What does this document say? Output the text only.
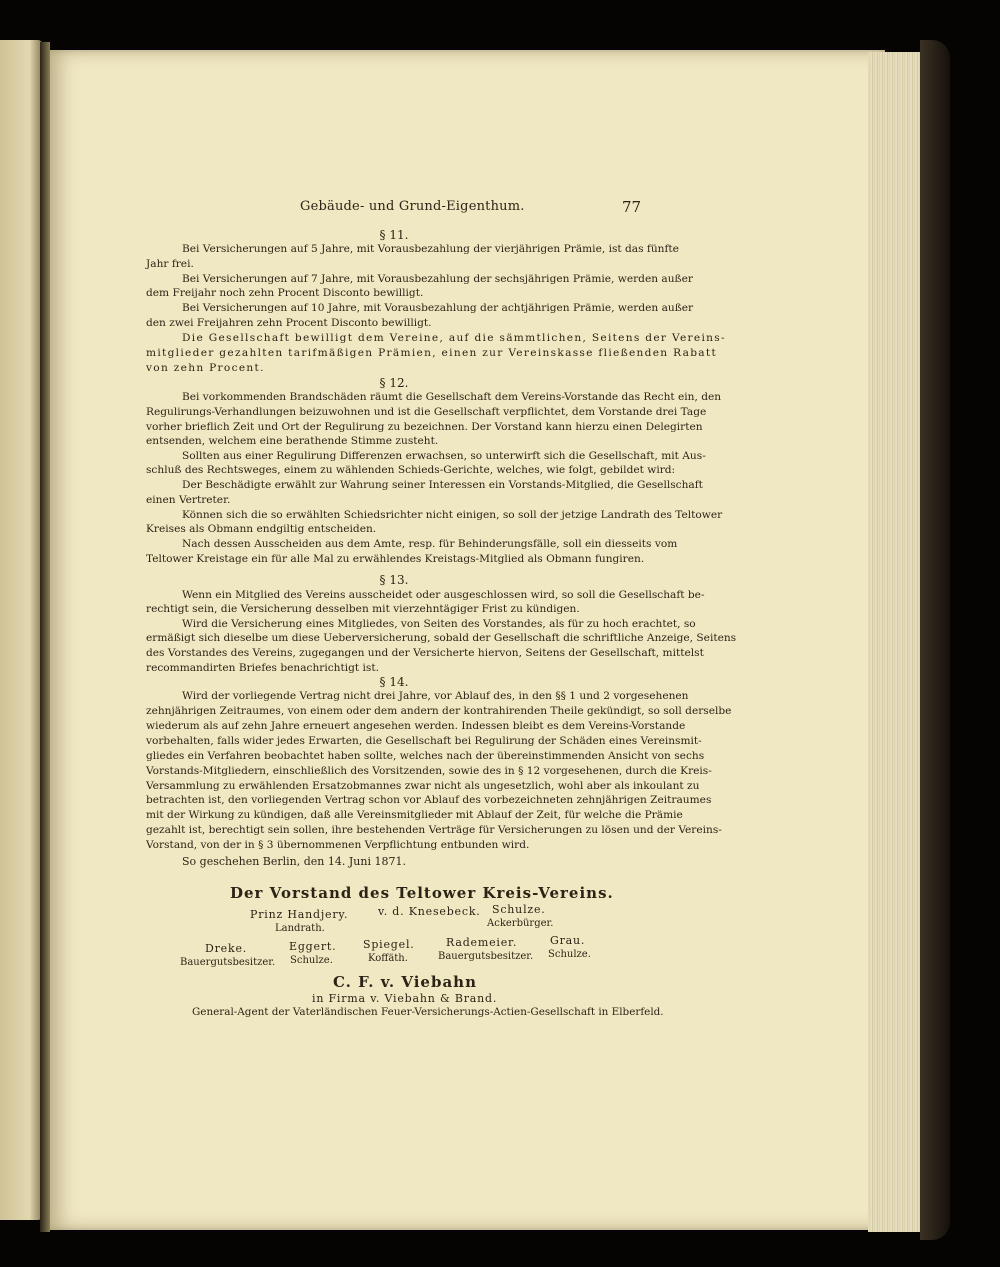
Gebäude- und Grund-Eigenthum.	77
§ 11.
Bei Versicherungen auf 5 Jahre, mit Vorausbezahlung der vierjährigen Prämie, ist das fünfte
Jahr frei.
Bei Versicherungen auf 7 Jahre, mit Vorausbezahlung der sechsjährigen Prämie, werden außer
dem Freijahr noch zehn Procent Disconto bewilligt.
Bei Versicherungen auf 10 Jahre, mit Vorausbezahlung der achtjährigen Prämie, werden außer
den zwei Freijahren zehn Procent Disconto bewilligt.
Die Gesellschaft bewilligt dem Vereine, auf die sämmtlichen, Seitens der Vereins-
mitglieder gezahlten tarifmäßigen Prämien, einen zur Vereinskasse fließenden Rabatt
von zehn Procent.
§ 12.
Bei vorkommenden Brandschäden räumt die Gesellschaft dem Vereins-Vorstande das Recht ein, den
Regulirungs-Verhandlungen beizuwohnen und ist die Gesellschaft verpflichtet, dem Vorstande drei Tage
vorher brieflich Zeit und Ort der Regulirung zu bezeichnen. Der Vorstand kann hierzu einen Delegirten
entsenden, welchem eine berathende Stimme zusteht.
Sollten aus einer Regulirung Differenzen erwachsen, so unterwirft sich die Gesellschaft, mit Aus-
schluß des Rechtsweges, einem zu wählenden Schieds-Gerichte, welches, wie folgt, gebildet wird:
Der Beschädigte erwählt zur Wahrung seiner Interessen ein Vorstands-Mitglied, die Gesellschaft
einen Vertreter.
Können sich die so erwählten Schiedsrichter nicht einigen, so soll der jetzige Landrath des Teltower
Kreises als Obmann endgiltig entscheiden.
Nach dessen Ausscheiden aus dem Amte, resp. für Behinderungsfälle, soll ein diesseits vom
Teltower Kreistage ein für alle Mal zu erwählendes Kreistags-Mitglied als Obmann fungiren.
§ 13.
Wenn ein Mitglied des Vereins ausscheidet oder ausgeschlossen wird, so soll die Gesellschaft be-
rechtigt sein, die Versicherung desselben mit vierzehntägiger Frist zu kündigen.
Wird die Versicherung eines Mitgliedes, von Seiten des Vorstandes, als für zu hoch erachtet, so
ermäßigt sich dieselbe um diese Ueberversicherung, sobald der Gesellschaft die schriftliche Anzeige, Seitens
des Vorstandes des Vereins, zugegangen und der Versicherte hiervon, Seitens der Gesellschaft, mittelst
recommandirten Briefes benachrichtigt ist.
§ 14.
Wird der vorliegende Vertrag nicht drei Jahre, vor Ablauf des, in den §§ 1 und 2 vorgesehenen
zehnjährigen Zeitraumes, von einem oder dem andern der kontrahirenden Theile gekündigt, so soll derselbe
wiederum als auf zehn Jahre erneuert angesehen werden. Indessen bleibt es dem Vereins-Vorstande
vorbehalten, falls wider jedes Erwarten, die Gesellschaft bei Regulirung der Schäden eines Vereinsmit-
gliedes ein Verfahren beobachtet haben sollte, welches nach der übereinstimmenden Ansicht von sechs
Vorstands-Mitgliedern, einschließlich des Vorsitzenden, sowie des in § 12 vorgesehenen, durch die Kreis-
Versammlung zu erwählenden Ersatzobmannes zwar nicht als ungesetzlich, wohl aber als inkoulant zu
betrachten ist, den vorliegenden Vertrag schon vor Ablauf des vorbezeichneten zehnjährigen Zeitraumes
mit der Wirkung zu kündigen, daß alle Vereinsmitglieder mit Ablauf der Zeit, für welche die Prämie
gezahlt ist, berechtigt sein sollen, ihre bestehenden Verträge für Versicherungen zu lösen und der Vereins-
Vorstand, von der in § 3 übernommenen Verpflichtung entbunden wird.
So geschehen Berlin, den 14. Juni 1871.
Der Vorstand des Teltower Kreis-Vereins.
Prinz Handjery.
Landrath.
v. d. Knesebeck. Schulze.
Ackerbürger.
Dreke.
Bauergutsbesitzer.
Eggert.
Schulze.
Spiegel.
Koffäth.
Rademeier.
Bauergutsbesitzer.
Grau.
Schulze.
C. F. v. Viebahn
in Firma v. Viebahn & Brand.
General-Agent der Vaterländischen Feuer-Versicherungs-Actien-Gesellschaft in Elberfeld.
